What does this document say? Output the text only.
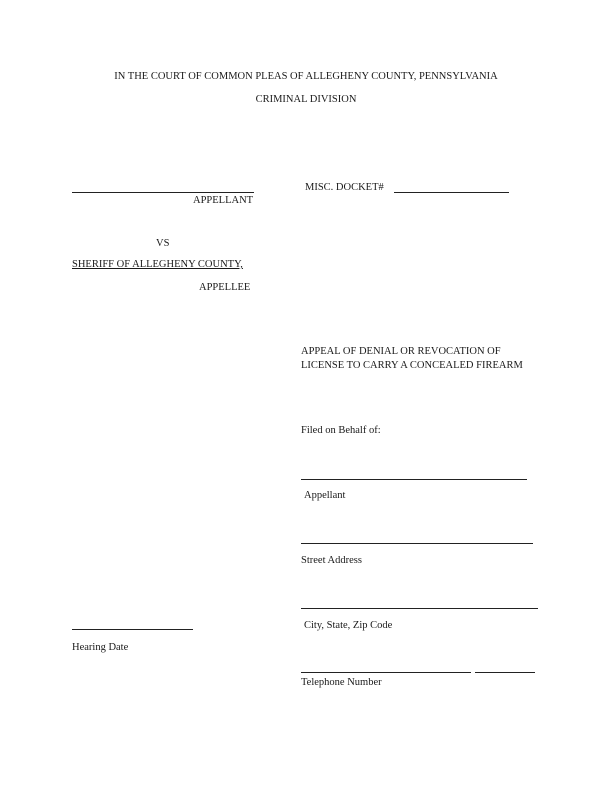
IN THE COURT OF COMMON PLEAS OF ALLEGHENY COUNTY, PENNSYLVANIA
CRIMINAL DIVISION
APPELLANT
MISC. DOCKET#
VS
SHERIFF OF ALLEGHENY COUNTY,
APPELLEE
APPEAL OF DENIAL OR REVOCATION OF
LICENSE TO CARRY A CONCEALED FIREARM
Filed on Behalf of:
Appellant
Street Address
City, State, Zip Code
Telephone Number
Hearing Date
